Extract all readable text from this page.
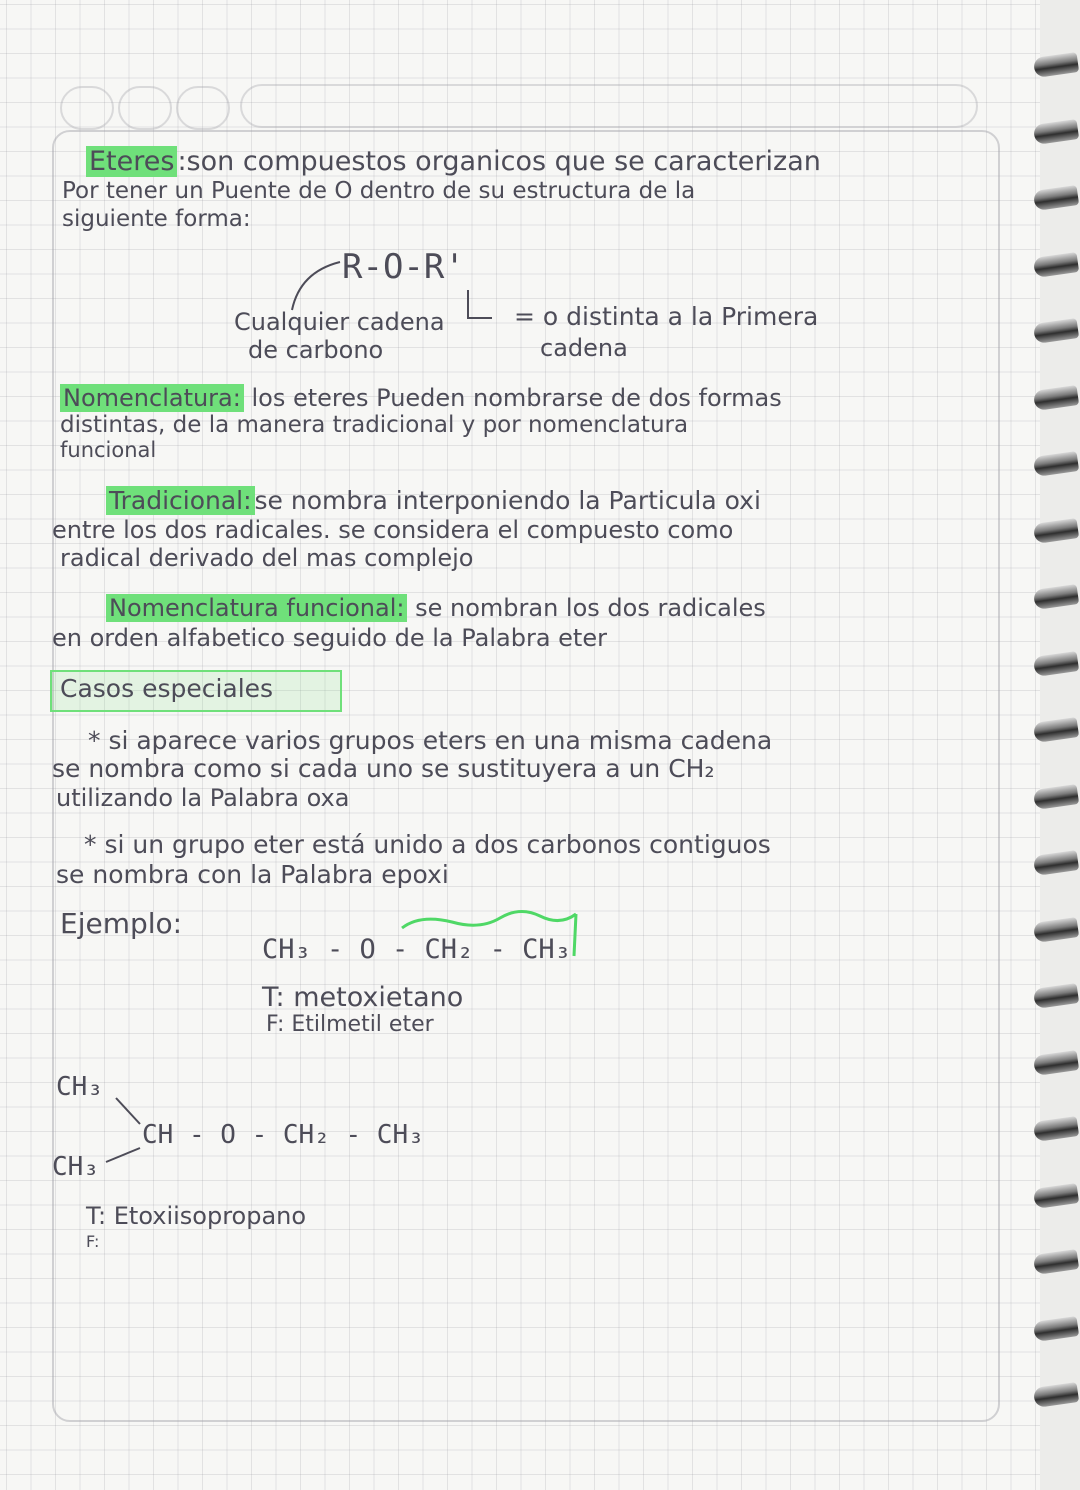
Eteres :son compuestos organicos que se caracterizan
Por tener un Puente de O dentro de su estructura de la
siguiente forma:
R-O-R'
Cualquier cadena
de carbono
= o distinta a la Primera
cadena
Nomenclatura: los eteres Pueden nombrarse de dos formas
distintas, de la manera tradicional y por nomenclatura
funcional
Tradicional: se nombra interponiendo la Particula oxi
entre los dos radicales. se considera el compuesto como
radical derivado del mas complejo
Nomenclatura funcional: se nombran los dos radicales
en orden alfabetico seguido de la Palabra eter
Casos especiales
* si aparece varios grupos eters en una misma cadena
se nombra como si cada uno se sustituyera a un CH₂
utilizando la Palabra oxa
* si un grupo eter está unido a dos carbonos contiguos
se nombra con la Palabra epoxi
Ejemplo:
CH₃ - O - CH₂ - CH₃
T: metoxietano
F: Etilmetil eter
CH₃
CH₃
CH - O - CH₂ - CH₃
T: Etoxiisopropano
F:
